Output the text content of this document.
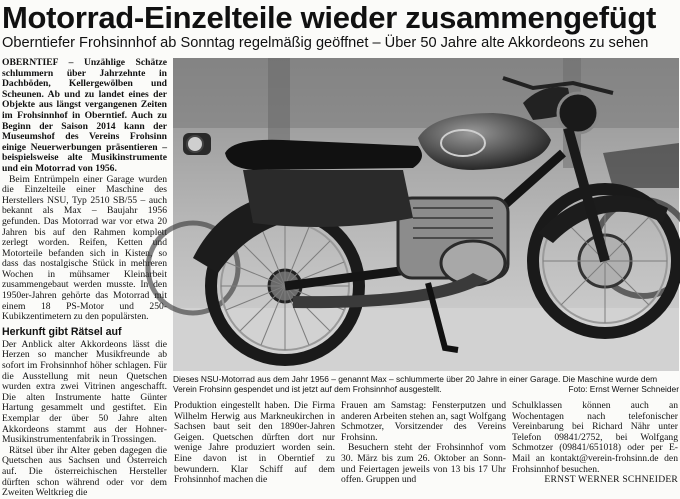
Motorrad-Einzelteile wieder zusammengefügt
Oberntiefer Frohsinnhof ab Sonntag regelmäßig geöffnet – Über 50 Jahre alte Akkordeons zu sehen

OBERNTIEF – Unzählige Schätze schlummern über Jahrzehnte in Dachböden, Kellergewölben und Scheunen. Ab und zu landet eines der Objekte aus längst vergangenen Zeiten im Frohsinnhof in Oberntief. Auch zu Beginn der Saison 2014 kann der Museumshof des Vereins Frohsinn einige Neuerwerbungen präsentieren – beispielsweise alte Musikinstrumente und ein Motorrad von 1956.

Beim Entrümpeln einer Garage wurden die Einzelteile einer Maschine des Herstellers NSU, Typ 2510 SB/55 – auch bekannt als Max – Baujahr 1956 gefunden. Das Motorrad war vor etwa 20 Jahren bis auf den Rahmen komplett zerlegt worden. Reifen, Ketten und Motorteile befanden sich in Kisten, so dass das nostalgische Stück in mehreren Wochen in mühsamer Kleinarbeit zusammengebaut werden musste. In den 1950er-Jahren gehörte das Motorrad mit einem 18 PS-Motor und 250-Kubikzentimetern zu den populärsten.

Herkunft gibt Rätsel auf

Der Anblick alter Akkordeons lässt die Herzen so mancher Musikfreunde ab sofort im Frohsinnhof höher schlagen. Für die Ausstellung mit neun Quetschen wurden extra zwei Vitrinen angeschafft. Die alten Instrumente hatte Günter Hartung gesammelt und gestiftet. Ein Exemplar der über 50 Jahre alten Akkordeons stammt aus der Hohner-Musikinstrumentenfabrik in Trossingen.

Rätsel über ihr Alter geben dagegen die Quetschen aus Sachsen und Österreich auf. Die österreichischen Hersteller dürften schon während oder vor dem Zweiten Weltkrieg die

Dieses NSU-Motorrad aus dem Jahr 1956 – genannt Max – schlummerte über 20 Jahre in einer Garage. Die Maschine wurde dem Verein Frohsinn gespendet und ist jetzt auf dem Frohsinnhof ausgestellt.	Foto: Ernst Werner Schneider

Produktion eingestellt haben. Die Firma Wilhelm Herwig aus Markneukirchen in Sachsen baut seit den 1890er-Jahren Geigen. Quetschen dürften dort nur wenige Jahre produziert worden sein. Eine davon ist in Oberntief zu bewundern. Klar Schiff auf dem Frohsinnhof machen die

Frauen am Samstag: Fensterputzen und anderen Arbeiten stehen an, sagt Wolfgang Schmotzer, Vorsitzender des Vereins Frohsinn.

Besuchern steht der Frohsinnhof vom 30. März bis zum 26. Oktober an Sonn- und Feiertagen jeweils von 13 bis 17 Uhr offen. Gruppen und

Schulklassen können auch an Wochentagen nach telefonischer Vereinbarung bei Richard Nähr unter Telefon 09841/2752, bei Wolfgang Schmotzer (09841/651018) oder per E-Mail an kontakt@verein-frohsinn.de den Frohsinnhof besuchen.

ERNST WERNER SCHNEIDER
